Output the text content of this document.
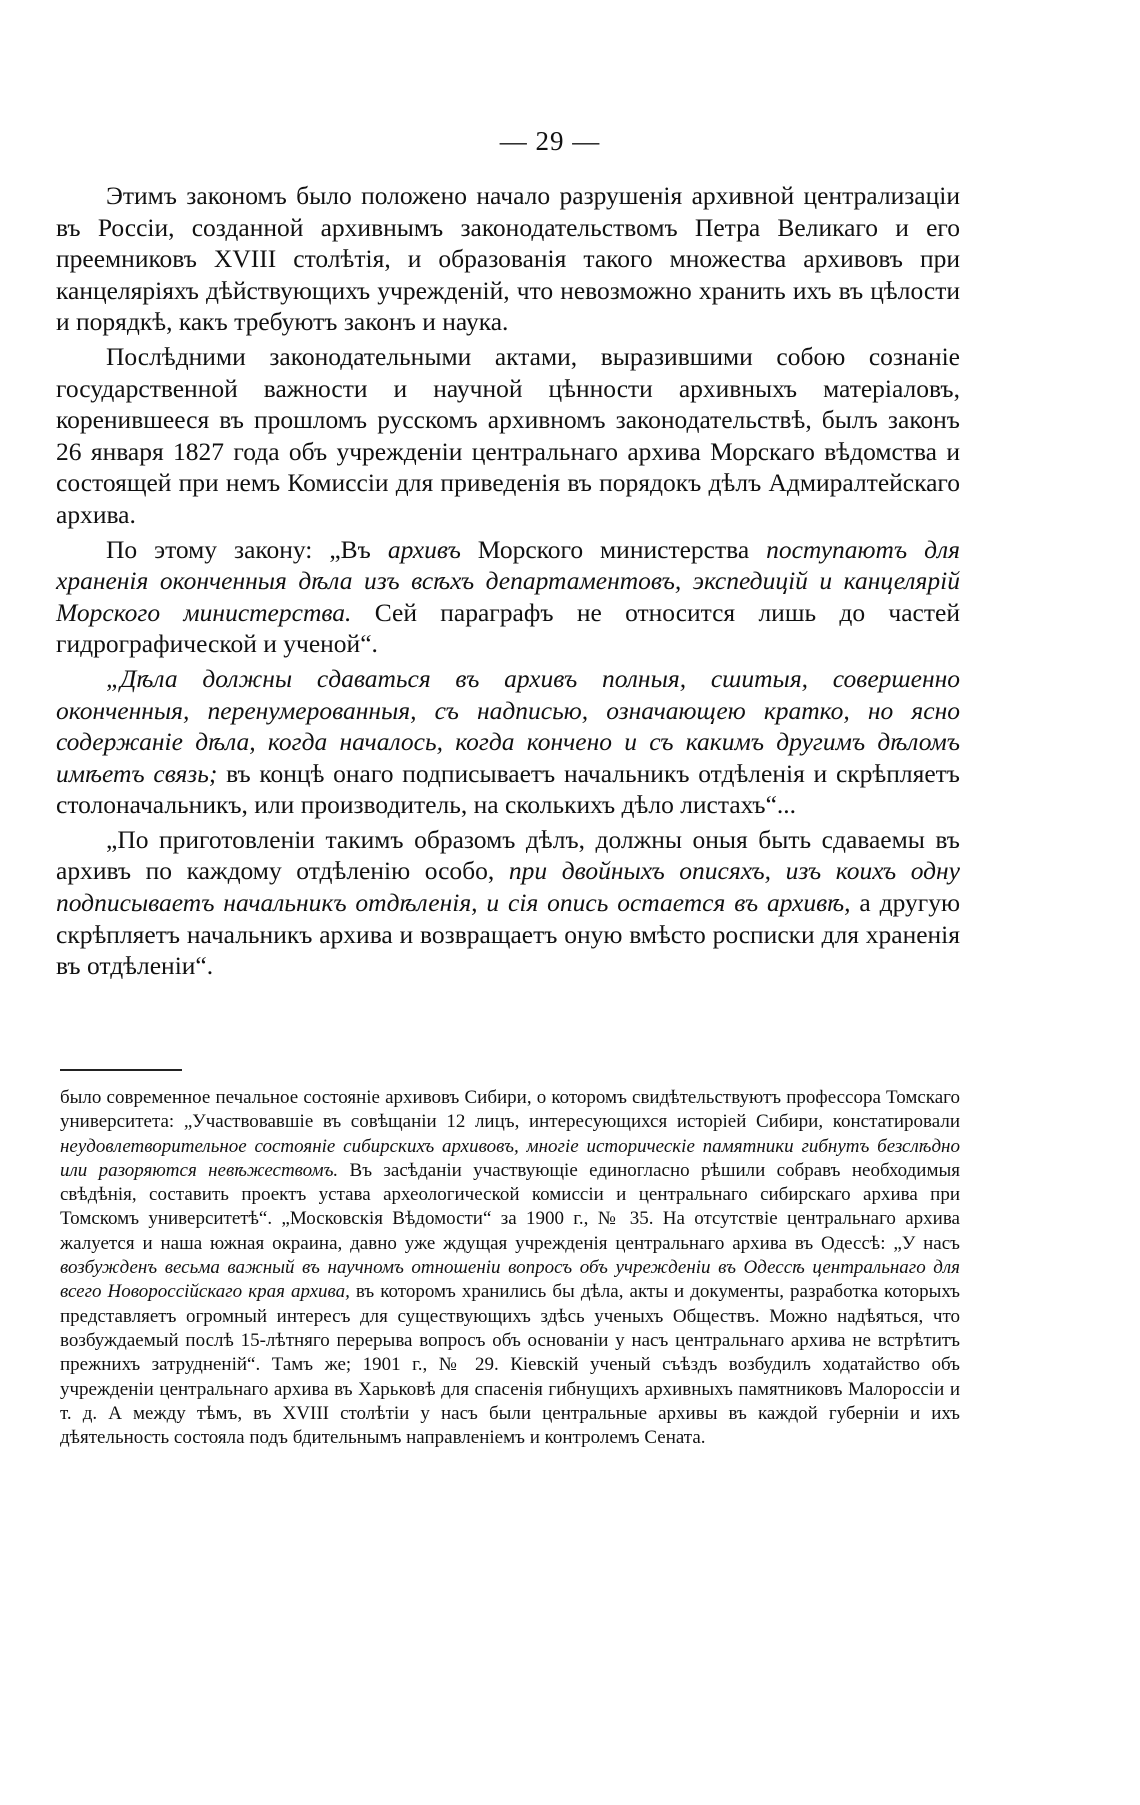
— 29 —

Этимъ закономъ было положено начало разрушенія архивной централизаціи въ Россіи, созданной архивнымъ законодательствомъ Петра Великаго и его преемниковъ XVIII столѣтія, и образованія такого множества архивовъ при канцеляріяхъ дѣйствующихъ учрежденій, что невозможно хранить ихъ въ цѣлости и порядкѣ, какъ требуютъ законъ и наука.

Послѣдними законодательными актами, выразившими собою сознаніе государственной важности и научной цѣнности архивныхъ матеріаловъ, коренившееся въ прошломъ русскомъ архивномъ законодательствѣ, былъ законъ 26 января 1827 года объ учрежденіи центральнаго архива Морскаго вѣдомства и состоящей при немъ Комиссіи для приведенія въ порядокъ дѣлъ Адмиралтейскаго архива.

По этому закону: „Въ архивъ Морского министерства поступаютъ для храненія оконченныя дѣла изъ всѣхъ департаментовъ, экспедицій и канцелярій Морского министерства. Сей параграфъ не относится лишь до частей гидрографической и ученой“.

„Дѣла должны сдаваться въ архивъ полныя, сшитыя, совершенно оконченныя, перенумерованныя, съ надписью, означающею кратко, но ясно содержаніе дѣла, когда началось, когда кончено и съ какимъ другимъ дѣломъ имѣетъ связь; въ концѣ онаго подписываетъ начальникъ отдѣленія и скрѣпляетъ столоначальникъ, или производитель, на сколькихъ дѣло листахъ“...

„По приготовленіи такимъ образомъ дѣлъ, должны оныя быть сдаваемы въ архивъ по каждому отдѣленію особо, при двойныхъ описяхъ, изъ коихъ одну подписываетъ начальникъ отдѣленія, и сія опись остается въ архивѣ, а другую скрѣпляетъ начальникъ архива и возвращаетъ оную вмѣсто росписки для храненія въ отдѣленіи“.

было современное печальное состояніе архивовъ Сибири, о которомъ свидѣтельствуютъ профессора Томскаго университета: „Участвовавшіе въ совѣщаніи 12 лицъ, интересующихся исторіей Сибири, констатировали неудовлетворительное состояніе сибирскихъ архивовъ, многіе историческіе памятники гибнутъ безслѣдно или разоряются невѣжествомъ. Въ засѣданіи участвующіе единогласно рѣшили собравъ необходимыя свѣдѣнія, составить проектъ устава археологической комиссіи и центральнаго сибирскаго архива при Томскомъ университетѣ“. „Московскія Вѣдомости“ за 1900 г., № 35. На отсутствіе центральнаго архива жалуется и наша южная окраина, давно уже ждущая учрежденія центральнаго архива въ Одессѣ: „У насъ возбужденъ весьма важный въ научномъ отношеніи вопросъ объ учрежденіи въ Одессѣ центральнаго для всего Новороссійскаго края архива, въ которомъ хранились бы дѣла, акты и документы, разработка которыхъ представляетъ огромный интересъ для существующихъ здѣсь ученыхъ Обществъ. Можно надѣяться, что возбуждаемый послѣ 15-лѣтняго перерыва вопросъ объ основаніи у насъ центральнаго архива не встрѣтитъ прежнихъ затрудненій“. Тамъ же; 1901 г., № 29. Кіевскій ученый съѣздъ возбудилъ ходатайство объ учрежденіи центральнаго архива въ Харьковѣ для спасенія гибнущихъ архивныхъ памятниковъ Малороссіи и т. д. А между тѣмъ, въ XVIII столѣтіи у насъ были центральные архивы въ каждой губерніи и ихъ дѣятельность состояла подъ бдительнымъ направленіемъ и контролемъ Сената.
